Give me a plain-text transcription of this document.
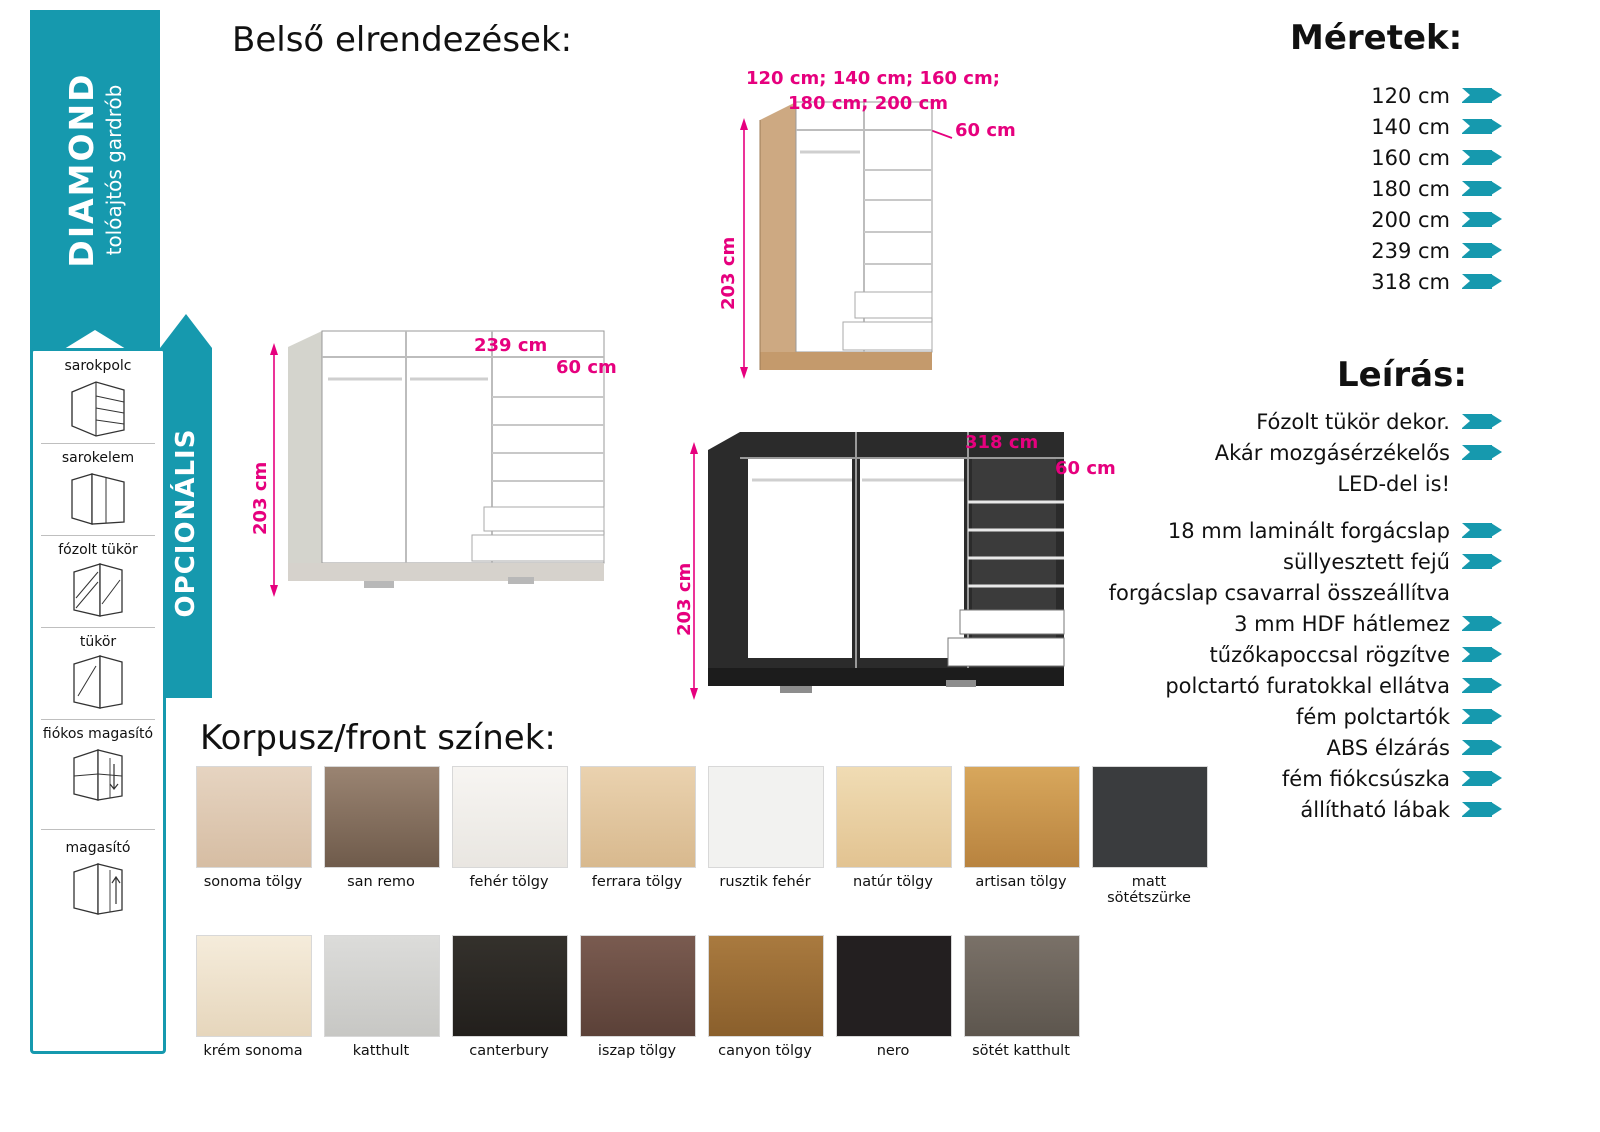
DIAMOND tolóajtós gardrób
OPCIONÁLIS
sarokpolc
sarokelem
fózolt tükör
tükör
fiókos magasító
magasító
Belső elrendezések:
Korpusz/front színek:
Méretek:
Leírás:
120 cm
140 cm
160 cm
180 cm
200 cm
239 cm
318 cm
Fózolt tükör dekor.
Akár mozgásérzékelős
LED-del is!
18 mm laminált forgácslap
süllyesztett fejű
forgácslap csavarral összeállítva
3 mm HDF hátlemez
tűzőkapoccsal rögzítve
polctartó furatokkal ellátva
fém polctartók
ABS élzárás
fém fiókcsúszka
állítható lábak
120 cm; 140 cm; 160 cm;
180 cm; 200 cm
60 cm
203 cm
239 cm
60 cm
203 cm
318 cm
60 cm
203 cm
sonoma tölgy	san remo	fehér tölgy	ferrara tölgy	rusztik fehér	natúr tölgy	artisan tölgy	matt sötétszürke
krém sonoma	katthult	canterbury	iszap tölgy	canyon tölgy	nero	sötét katthult
